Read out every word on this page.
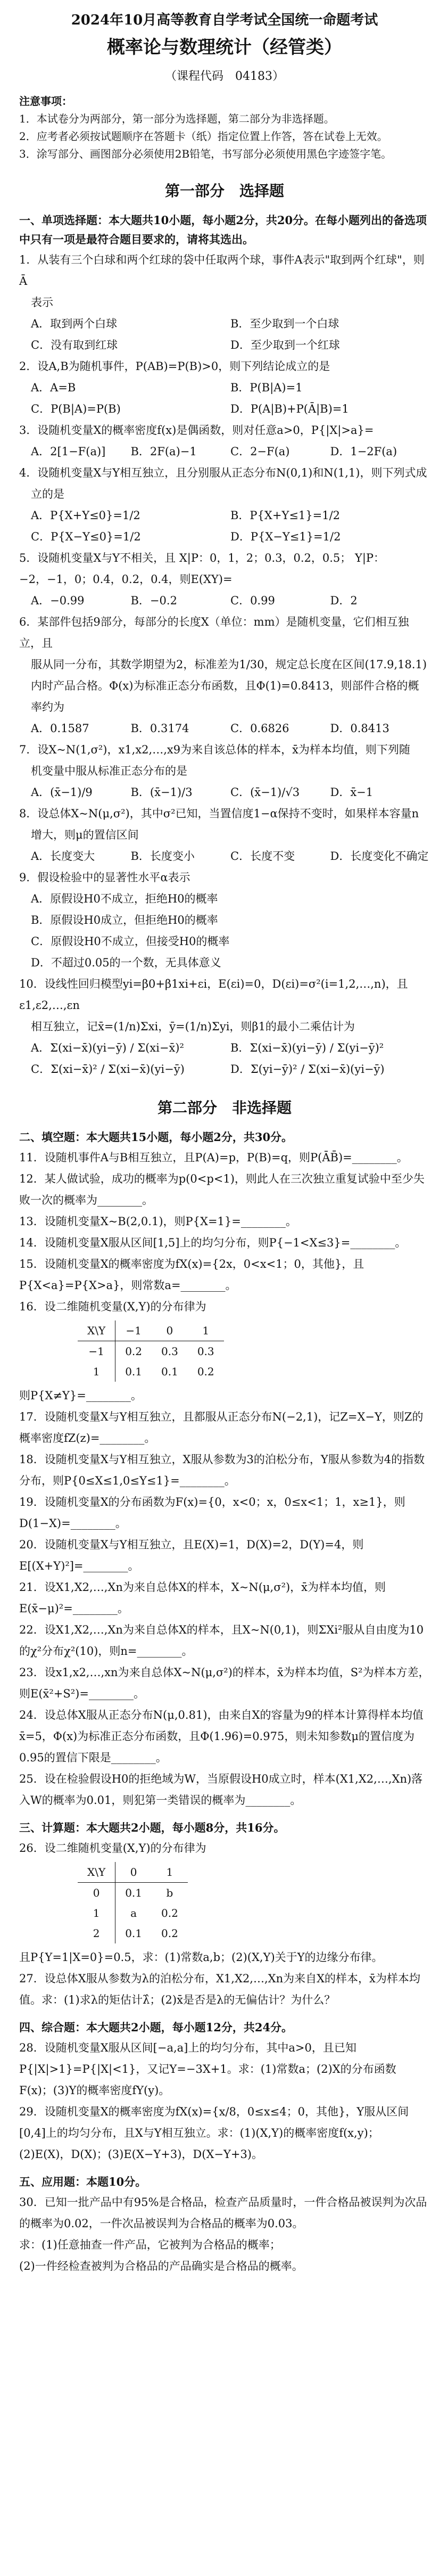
2024年10月高等教育自学考试全国统一命题考试
概率论与数理统计（经管类）
（课程代码　04183）
注意事项：
1．本试卷分为两部分，第一部分为选择题，第二部分为非选择题。
2．应考者必须按试题顺序在答题卡（纸）指定位置上作答，答在试卷上无效。
3．涂写部分、画图部分必须使用2B铅笔，书写部分必须使用黑色字迹签字笔。
第一部分　选择题
一、单项选择题：本大题共10小题，每小题2分，共20分。在每小题列出的备选项中只有一项是最符合题目要求的，请将其选出。
1．从装有三个白球和两个红球的袋中任取两个球，事件A表示"取到两个红球"，则Ā
表示
A．取到两个白球	B．至少取到一个白球
C．没有取到红球	D．至少取到一个红球
2．设A,B为随机事件，P(AB)=P(B)>0，则下列结论成立的是
A．A=B	B．P(B|A)=1
C．P(B|A)=P(B)	D．P(A|B)+P(Ā|B)=1
3．设随机变量X的概率密度f(x)是偶函数，则对任意a>0，P{|X|>a}=
A．2[1−F(a)]	B．2F(a)−1	C．2−F(a)	D．1−2F(a)
4．设随机变量X与Y相互独立，且分别服从正态分布N(0,1)和N(1,1)，则下列式成
立的是
A．P{X+Y≤0}=1/2	B．P{X+Y≤1}=1/2
C．P{X−Y≤0}=1/2	D．P{X−Y≤1}=1/2
5．设随机变量X与Y不相关，且 X|P：0，1，2；0.3，0.2，0.5； Y|P：−2，−1，0；0.4，0.2，0.4，则E(XY)=
A．−0.99	B．−0.2	C．0.99	D．2
6．某部件包括9部分，每部分的长度X（单位：mm）是随机变量，它们相互独立，且
服从同一分布，其数学期望为2，标准差为1/30，规定总长度在区间(17.9,18.1)内时产品合格。Φ(x)为标准正态分布函数，且Φ(1)=0.8413，则部件合格的概率约为
A．0.1587	B．0.3174	C．0.6826	D．0.8413
7．设X~N(1,σ²)，x1,x2,…,x9为来自该总体的样本，x̄为样本均值，则下列随
机变量中服从标准正态分布的是
A．(x̄−1)/9	B．(x̄−1)/3	C．(x̄−1)/√3	D．x̄−1
8．设总体X~N(μ,σ²)，其中σ²已知，当置信度1−α保持不变时，如果样本容量n
增大，则μ的置信区间
A．长度变大	B．长度变小	C．长度不变	D．长度变化不确定
9．假设检验中的显著性水平α表示
A．原假设H0不成立，拒绝H0的概率
B．原假设H0成立，但拒绝H0的概率
C．原假设H0不成立，但接受H0的概率
D．不超过0.05的一个数，无具体意义
10．设线性回归模型yi=β0+β1xi+εi，E(εi)=0，D(εi)=σ²(i=1,2,…,n)，且ε1,ε2,…,εn
相互独立，记x̄=(1/n)Σxi，ȳ=(1/n)Σyi，则β1的最小二乘估计为
A．Σ(xi−x̄)(yi−ȳ) / Σ(xi−x̄)²	B．Σ(xi−x̄)(yi−ȳ) / Σ(yi−ȳ)²
C．Σ(xi−x̄)² / Σ(xi−x̄)(yi−ȳ)	D．Σ(yi−ȳ)² / Σ(xi−x̄)(yi−ȳ)
第二部分　非选择题
二、填空题：本大题共15小题，每小题2分，共30分。
11．设随机事件A与B相互独立，且P(A)=p，P(B)=q，则P(ĀB̄)=________。
12．某人做试验，成功的概率为p(0<p<1)，则此人在三次独立重复试验中至少失败一次的概率为________。
13．设随机变量X~B(2,0.1)，则P{X=1}=________。
14．设随机变量X服从区间[1,5]上的均匀分布，则P{−1<X≤3}=________。
15．设随机变量X的概率密度为fX(x)={2x，0<x<1；0，其他}，且P{X<a}=P{X>a}，则常数a=________。
16．设二维随机变量(X,Y)的分布律为
X\Y	−1	0	1
−1	0.2	0.3	0.3
1	0.1	0.1	0.2
则P{X≠Y}=________。
17．设随机变量X与Y相互独立，且都服从正态分布N(−2,1)，记Z=X−Y，则Z的概率密度fZ(z)=________。
18．设随机变量X与Y相互独立，X服从参数为3的泊松分布，Y服从参数为4的指数分布，则P{0≤X≤1,0≤Y≤1}=________。
19．设随机变量X的分布函数为F(x)={0，x<0；x，0≤x<1；1，x≥1}，则D(1−X)=________。
20．设随机变量X与Y相互独立，且E(X)=1，D(X)=2，D(Y)=4，则E[(X+Y)²]=________。
21．设X1,X2,…,Xn为来自总体X的样本，X~N(μ,σ²)，x̄为样本均值，则E(x̄−μ)²=________。
22．设X1,X2,…,Xn为来自总体X的样本，且X~N(0,1)，则ΣXi²服从自由度为10的χ²分布χ²(10)，则n=________。
23．设x1,x2,…,xn为来自总体X~N(μ,σ²)的样本，x̄为样本均值，S²为样本方差，则E(x̄²+S²)=________。
24．设总体X服从正态分布N(μ,0.81)，由来自X的容量为9的样本计算得样本均值x̄=5，Φ(x)为标准正态分布函数，且Φ(1.96)=0.975，则未知参数μ的置信度为0.95的置信下限是________。
25．设在检验假设H0的拒绝域为W，当原假设H0成立时，样本(X1,X2,…,Xn)落入W的概率为0.01，则犯第一类错误的概率为________。
三、计算题：本大题共2小题，每小题8分，共16分。
26．设二维随机变量(X,Y)的分布律为
X\Y	0	1
0	0.1	b
1	a	0.2
2	0.1	0.2
且P{Y=1|X=0}=0.5，求：(1)常数a,b；(2)(X,Y)关于Y的边缘分布律。
27．设总体X服从参数为λ的泊松分布，X1,X2,…,Xn为来自X的样本，x̄为样本均值。求：(1)求λ的矩估计λ̂；(2)x̄是否是λ的无偏估计？为什么？
四、综合题：本大题共2小题，每小题12分，共24分。
28．设随机变量X服从区间[−a,a]上的均匀分布，其中a>0，且已知P{|X|>1}=P{|X|<1}，又记Y=−3X+1。求：(1)常数a；(2)X的分布函数F(x)；(3)Y的概率密度fY(y)。
29．设随机变量X的概率密度为fX(x)={x/8，0≤x≤4；0，其他}，Y服从区间[0,4]上的均匀分布，且X与Y相互独立。求：(1)(X,Y)的概率密度f(x,y)；(2)E(X)，D(X)；(3)E(X−Y+3)，D(X−Y+3)。
五、应用题：本题10分。
30．已知一批产品中有95%是合格品，检查产品质量时，一件合格品被误判为次品的概率为0.02，一件次品被误判为合格品的概率为0.03。
求：(1)任意抽查一件产品，它被判为合格品的概率；
(2)一件经检查被判为合格品的产品确实是合格品的概率。
